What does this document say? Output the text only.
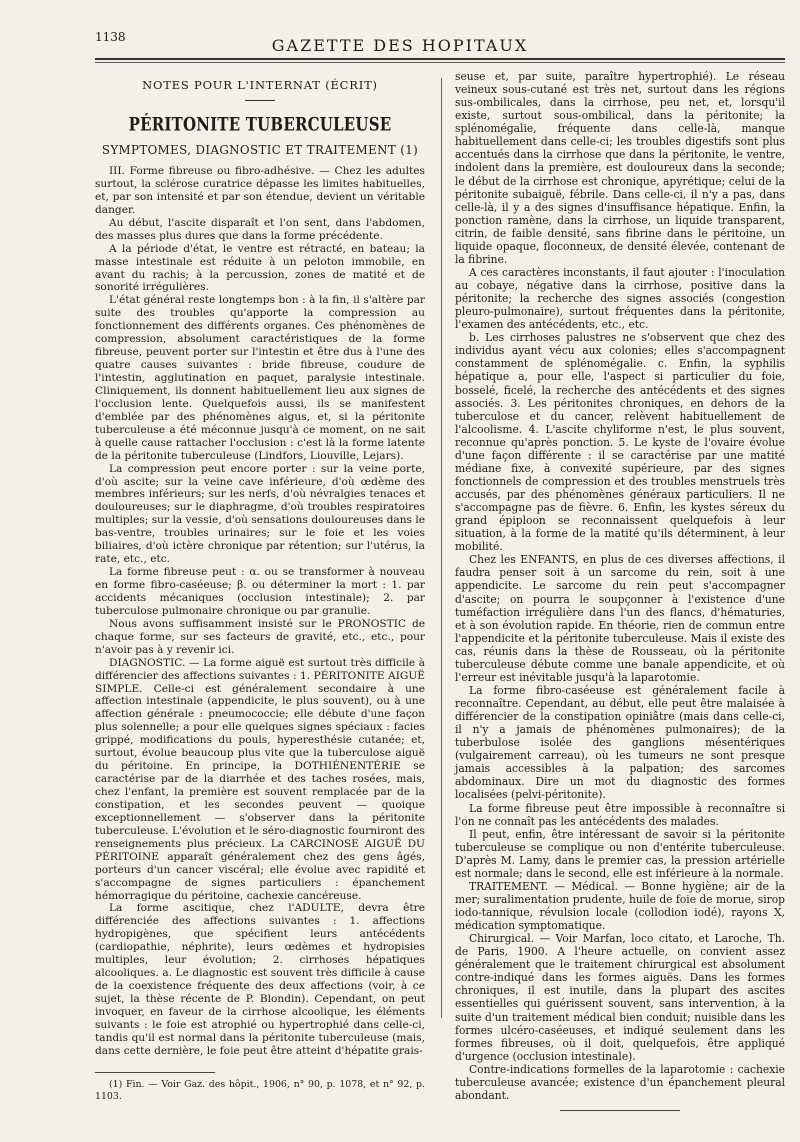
1138	GAZETTE DES HOPITAUX
NOTES POUR L'INTERNAT (ÉCRIT)
PÉRITONITE TUBERCULEUSE
SYMPTOMES, DIAGNOSTIC ET TRAITEMENT (1)

III. Forme fibreuse ou fibro-adhésive. — Chez les adultes surtout, la sclérose curatrice dépasse les limites habituelles, et, par son intensité et par son étendue, devient un véritable danger.

Au début, l'ascite disparaît et l'on sent, dans l'abdomen, des masses plus dures que dans la forme précédente.

A la période d'état, le ventre est rétracté, en bateau; la masse intestinale est réduite à un peloton immobile, en avant du rachis; à la percussion, zones de matité et de sonorité irrégulières.

L'état général reste longtemps bon : à la fin, il s'altère par suite des troubles qu'apporte la compression au fonctionnement des différents organes. Ces phénomènes de compression, absolument caractéristiques de la forme fibreuse, peuvent porter sur l'intestin et être dus à l'une des quatre causes suivantes : bride fibreuse, coudure de l'intestin, agglutination en paquet, paralysie intestinale. Cliniquement, ils donnent habituellement lieu aux signes de l'occlusion lente. Quelquefois aussi, ils se manifestent d'emblée par des phénomènes aigus, et, si la péritonite tuberculeuse a été méconnue jusqu'à ce moment, on ne sait à quelle cause rattacher l'occlusion : c'est là la forme latente de la péritonite tuberculeuse (Lindfors, Liouville, Lejars).

La compression peut encore porter : sur la veine porte, d'où ascite; sur la veine cave inférieure, d'où œdème des membres inférieurs; sur les nerfs, d'où névralgies tenaces et douloureuses; sur le diaphragme, d'où troubles respiratoires multiples; sur la vessie, d'où sensations douloureuses dans le bas-ventre, troubles urinaires; sur le foie et les voies biliaires, d'où ictère chronique par rétention; sur l'utérus, la rate, etc., etc.

La forme fibreuse peut : α. ou se transformer à nouveau en forme fibro-caséeuse; β. ou déterminer la mort : 1. par accidents mécaniques (occlusion intestinale); 2. par tuberculose pulmonaire chronique ou par granulie.

Nous avons suffisamment insisté sur le PRONOSTIC de chaque forme, sur ses facteurs de gravité, etc., etc., pour n'avoir pas à y revenir ici.

DIAGNOSTIC. — La forme aiguë est surtout très difficile à différencier des affections suivantes : 1. PÉRITONITE AIGUË SIMPLE. Celle-ci est généralement secondaire à une affection intestinale (appendicite, le plus souvent), ou à une affection générale : pneumococcie; elle débute d'une façon plus solennelle; a pour elle quelques signes spéciaux : facies grippé, modifications du pouls, hyperesthésie cutanée; et, surtout, évolue beaucoup plus vite que la tuberculose aiguë du péritoine. En principe, la DOTHIÉNENTÉRIE se caractérise par de la diarrhée et des taches rosées, mais, chez l'enfant, la première est souvent remplacée par de la constipation, et les secondes peuvent — quoique exceptionnellement — s'observer dans la péritonite tuberculeuse. L'évolution et le séro-diagnostic fourniront des renseignements plus précieux. La CARCINOSE AIGUË DU PÉRITOINE apparaît généralement chez des gens âgés, porteurs d'un cancer viscéral; elle évolue avec rapidité et s'accompagne de signes particuliers : épanchement hémorragique du péritoine, cachexie cancéreuse.

La forme ascitique, chez l'ADULTE, devra être différenciée des affections suivantes : 1. affections hydropigènes, que spécifient leurs antécédents (cardiopathie, néphrite), leurs œdèmes et hydropisies multiples, leur évolution; 2. cirrhoses hépatiques alcooliques. a. Le diagnostic est souvent très difficile à cause de la coexistence fréquente des deux affections (voir, à ce sujet, la thèse récente de P. Blondin). Cependant, on peut invoquer, en faveur de la cirrhose alcoolique, les éléments suivants : le foie est atrophié ou hypertrophié dans celle-ci, tandis qu'il est normal dans la péritonite tuberculeuse (mais, dans cette dernière, le foie peut être atteint d'hépatite grais-

(1) Fin. — Voir Gaz. des hôpit., 1906, n° 90, p. 1078, et n° 92, p. 1103.

seuse et, par suite, paraître hypertrophié). Le réseau veineux sous-cutané est très net, surtout dans les régions sus-ombilicales, dans la cirrhose, peu net, et, lorsqu'il existe, surtout sous-ombilical, dans la péritonite; la splénomégalie, fréquente dans celle-là, manque habituellement dans celle-ci; les troubles digestifs sont plus accentués dans la cirrhose que dans la péritonite, le ventre, indolent dans la première, est douloureux dans la seconde; le début de la cirrhose est chronique, apyrétique; celui de la péritonite subaiguë, fébrile. Dans celle-ci, il n'y a pas, dans celle-là, il y a des signes d'insuffisance hépatique. Enfin, la ponction ramène, dans la cirrhose, un liquide transparent, citrin, de faible densité, sans fibrine dans le péritoine, un liquide opaque, floconneux, de densité élevée, contenant de la fibrine.

A ces caractères inconstants, il faut ajouter : l'inoculation au cobaye, négative dans la cirrhose, positive dans la péritonite; la recherche des signes associés (congestion pleuro-pulmonaire), surtout fréquentes dans la péritonite, l'examen des antécédents, etc., etc.

b. Les cirrhoses palustres ne s'observent que chez des individus ayant vécu aux colonies; elles s'accompagnent constamment de splénomégalie. c. Enfin, la syphilis hépatique a, pour elle, l'aspect si particulier du foie, bosselé, ficelé, la recherche des antécédents et des signes associés. 3. Les péritonites chroniques, en dehors de la tuberculose et du cancer, relèvent habituellement de l'alcoolisme. 4. L'ascite chyliforme n'est, le plus souvent, reconnue qu'après ponction. 5. Le kyste de l'ovaire évolue d'une façon différente : il se caractérise par une matité médiane fixe, à convexité supérieure, par des signes fonctionnels de compression et des troubles menstruels très accusés, par des phénomènes généraux particuliers. Il ne s'accompagne pas de fièvre. 6. Enfin, les kystes séreux du grand épiploon se reconnaissent quelquefois à leur situation, à la forme de la matité qu'ils déterminent, à leur mobilité.

Chez les ENFANTS, en plus de ces diverses affections, il faudra penser soit à un sarcome du rein, soit à une appendicite. Le sarcome du rein peut s'accompagner d'ascite; on pourra le soupçonner à l'existence d'une tuméfaction irrégulière dans l'un des flancs, d'hématuries, et à son évolution rapide. En théorie, rien de commun entre l'appendicite et la péritonite tuberculeuse. Mais il existe des cas, réunis dans la thèse de Rousseau, où la péritonite tuberculeuse débute comme une banale appendicite, et où l'erreur est inévitable jusqu'à la laparotomie.

La forme fibro-caséeuse est généralement facile à reconnaître. Cependant, au début, elle peut être malaisée à différencier de la constipation opiniâtre (mais dans celle-ci, il n'y a jamais de phénomènes pulmonaires); de la tuberbulose isolée des ganglions mésentériques (vulgairement carreau), où les tumeurs ne sont presque jamais accessibles à la palpation; des sarcomes abdominaux. Dire un mot du diagnostic des formes localisées (pelvi-péritonite).

La forme fibreuse peut être impossible à reconnaître si l'on ne connaît pas les antécédents des malades.

Il peut, enfin, être intéressant de savoir si la péritonite tuberculeuse se complique ou non d'entérite tuberculeuse. D'après M. Lamy, dans le premier cas, la pression artérielle est normale; dans le second, elle est inférieure à la normale.

TRAITEMENT. — Médical. — Bonne hygiène; air de la mer; suralimentation prudente, huile de foie de morue, sirop iodo-tannique, révulsion locale (collodion iodé), rayons X, médication symptomatique.

Chirurgical. — Voir Marfan, loco citato, et Laroche, Th. de Paris, 1900. A l'heure actuelle, on convient assez généralement que le traitement chirurgical est absolument contre-indiqué dans les formes aiguës. Dans les formes chroniques, il est inutile, dans la plupart des ascites essentielles qui guérissent souvent, sans intervention, à la suite d'un traitement médical bien conduit; nuisible dans les formes ulcéro-caséeuses, et indiqué seulement dans les formes fibreuses, où il doit, quelquefois, être appliqué d'urgence (occlusion intestinale).

Contre-indications formelles de la laparotomie : cachexie tuberculeuse avancée; existence d'un épanchement pleural abondant.
